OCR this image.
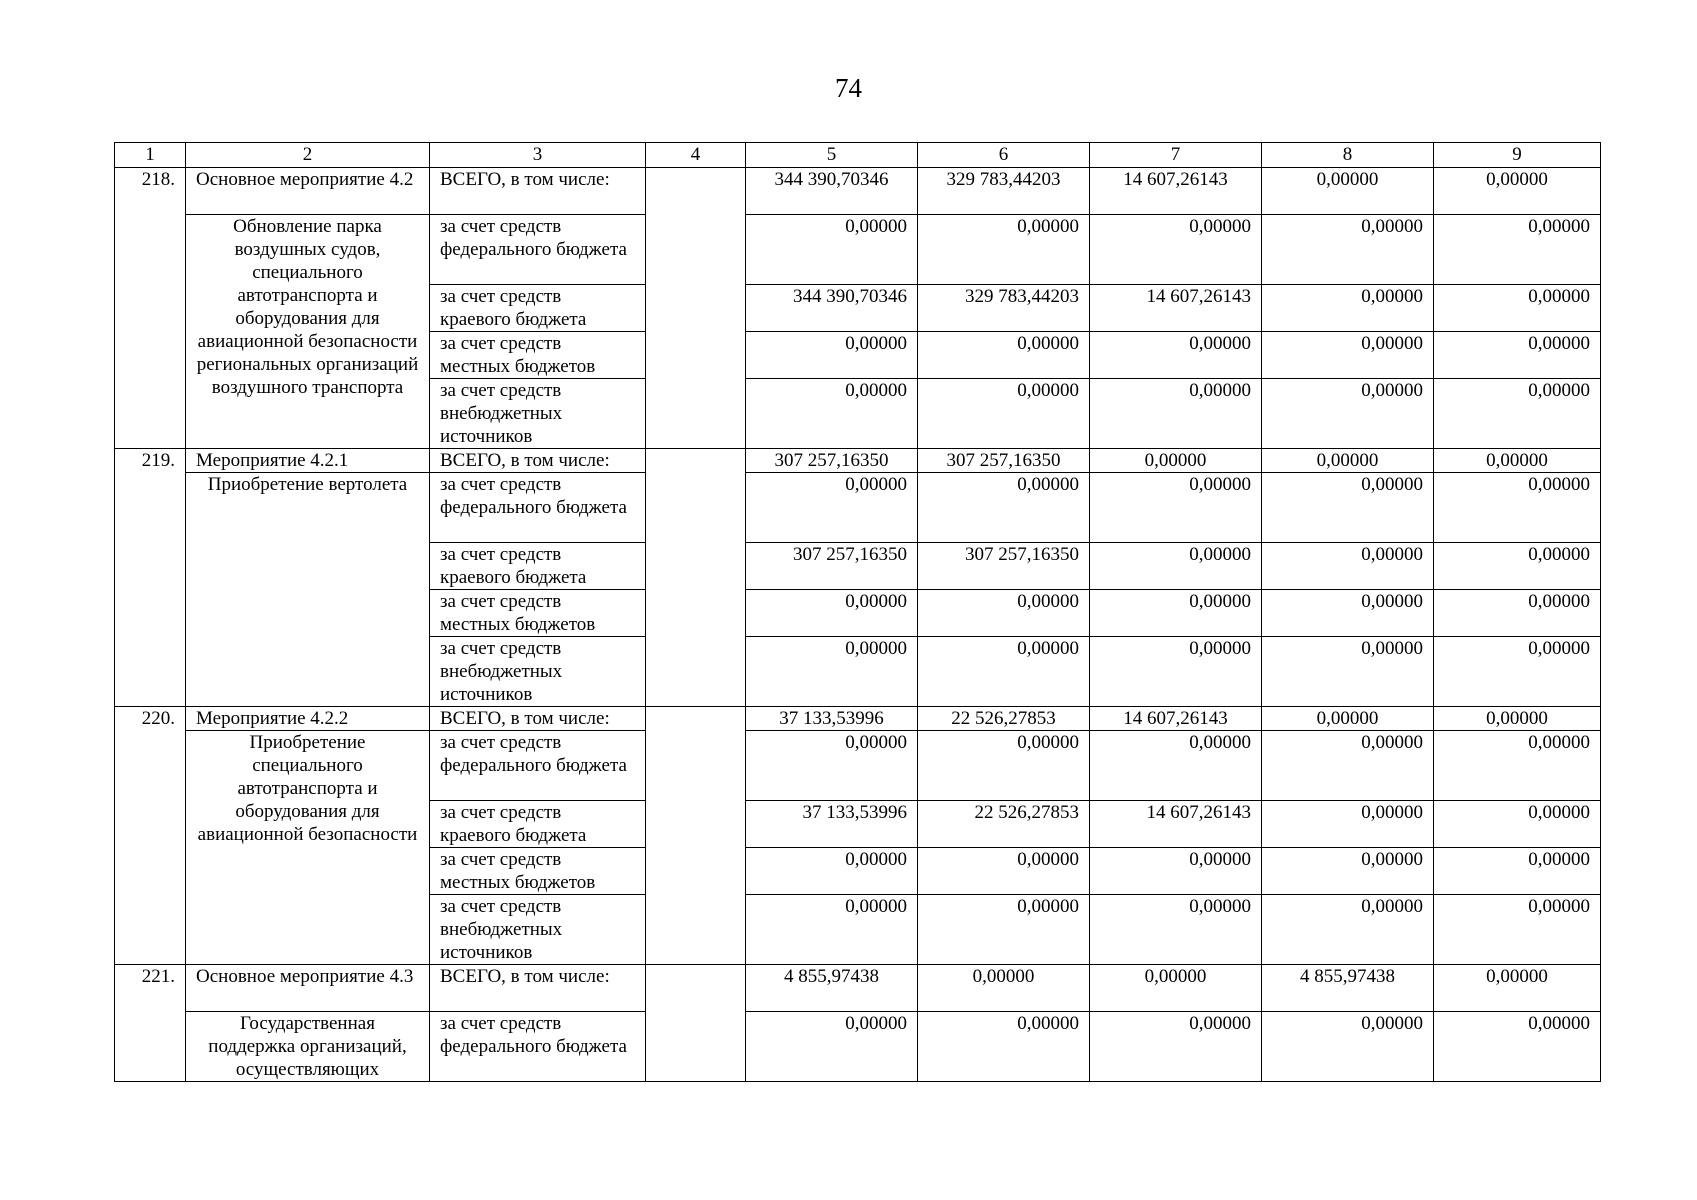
74
1	2	3	4	5	6	7	8	9
218.	Основное мероприятие 4.2	ВСЕГО, в том числе:		344 390,70346	329 783,44203	14 607,26143	0,00000	0,00000
	Обновление парка воздушных судов, специального автотранспорта и оборудования для авиационной безопасности региональных организаций воздушного транспорта	за счет средств федерального бюджета		0,00000	0,00000	0,00000	0,00000	0,00000
		за счет средств краевого бюджета		344 390,70346	329 783,44203	14 607,26143	0,00000	0,00000
		за счет средств местных бюджетов		0,00000	0,00000	0,00000	0,00000	0,00000
		за счет средств внебюджетных источников		0,00000	0,00000	0,00000	0,00000	0,00000
219.	Мероприятие 4.2.1	ВСЕГО, в том числе:		307 257,16350	307 257,16350	0,00000	0,00000	0,00000
	Приобретение вертолета	за счет средств федерального бюджета		0,00000	0,00000	0,00000	0,00000	0,00000
		за счет средств краевого бюджета		307 257,16350	307 257,16350	0,00000	0,00000	0,00000
		за счет средств местных бюджетов		0,00000	0,00000	0,00000	0,00000	0,00000
		за счет средств внебюджетных источников		0,00000	0,00000	0,00000	0,00000	0,00000
220.	Мероприятие 4.2.2	ВСЕГО, в том числе:		37 133,53996	22 526,27853	14 607,26143	0,00000	0,00000
	Приобретение специального автотранспорта и оборудования для авиационной безопасности	за счет средств федерального бюджета		0,00000	0,00000	0,00000	0,00000	0,00000
		за счет средств краевого бюджета		37 133,53996	22 526,27853	14 607,26143	0,00000	0,00000
		за счет средств местных бюджетов		0,00000	0,00000	0,00000	0,00000	0,00000
		за счет средств внебюджетных источников		0,00000	0,00000	0,00000	0,00000	0,00000
221.	Основное мероприятие 4.3	ВСЕГО, в том числе:		4 855,97438	0,00000	0,00000	4 855,97438	0,00000
	Государственная поддержка организаций, осуществляющих	за счет средств федерального бюджета		0,00000	0,00000	0,00000	0,00000	0,00000
